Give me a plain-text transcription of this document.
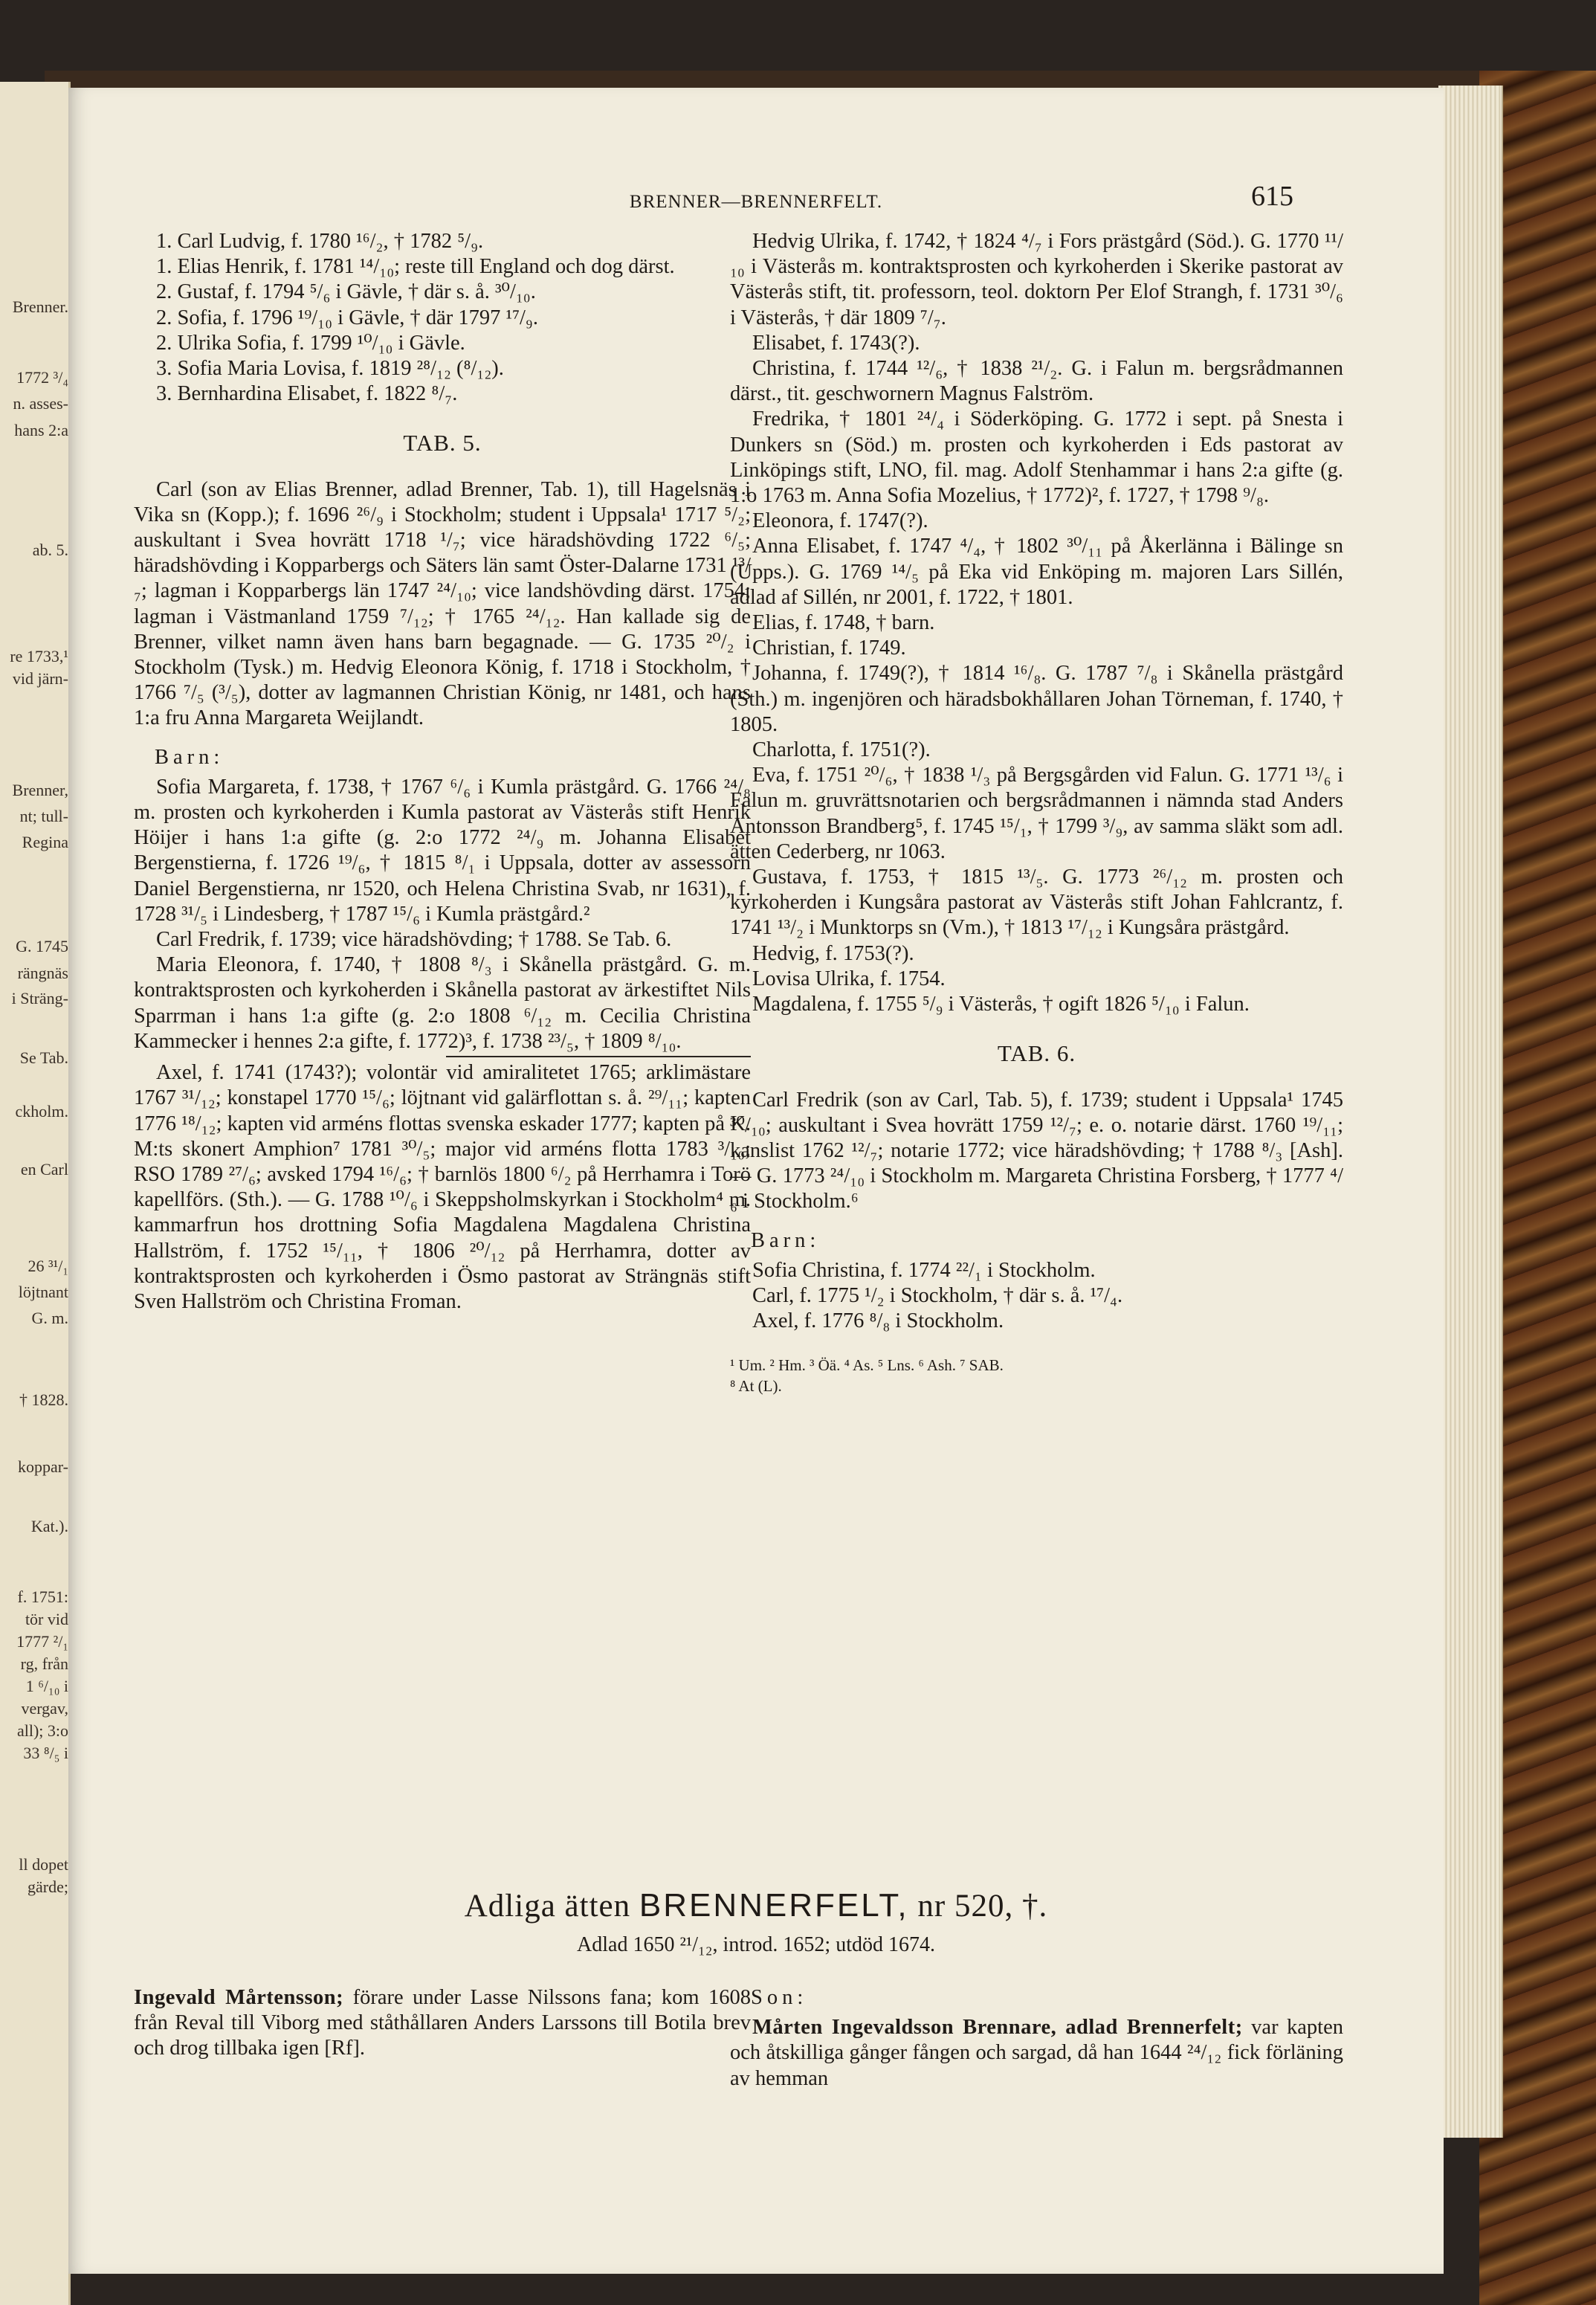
Brenner.
1772 ³/₄
n. asses-
hans 2:a
ab. 5.
re 1733,¹
vid järn-
Brenner,
nt; tull-
Regina
G. 1745
rängnäs
i Sträng-
Se Tab.
ckholm.
en Carl
26 ³¹/₁
löjtnant
G. m.
† 1828.
koppar-
Kat.).
f. 1751:
tör vid
1777 ²/₁
rg, från
1 ⁶/₁₀ i
vergav,
all); 3:o
33 ⁸/₅ i
ll dopet
gärde;
BRENNER—BRENNERFELT.	615

1. Carl Ludvig, f. 1780 ¹⁶/₂, † 1782 ⁵/₉.

1. Elias Henrik, f. 1781 ¹⁴/₁₀; reste till England och dog därst.

2. Gustaf, f. 1794 ⁵/₆ i Gävle, † där s. å. ³⁰/₁₀.

2. Sofia, f. 1796 ¹⁹/₁₀ i Gävle, † där 1797 ¹⁷/₉.

2. Ulrika Sofia, f. 1799 ¹⁰/₁₀ i Gävle.

3. Sofia Maria Lovisa, f. 1819 ²⁸/₁₂ (⁸/₁₂).

3. Bernhardina Elisabet, f. 1822 ⁸/₇.

TAB. 5.

Carl (son av Elias Brenner, adlad Brenner, Tab. 1), till Hagelsnäs i Vika sn (Kopp.); f. 1696 ²⁶/₉ i Stockholm; student i Uppsala¹ 1717 ⁵/₂; auskultant i Svea hovrätt 1718 ¹/₇; vice häradshövding 1722 ⁶/₅; häradshövding i Kopparbergs och Säters län samt Öster-Dalarne 1731 ¹³/₇; lagman i Kopparbergs län 1747 ²⁴/₁₀; vice landshövding därst. 1754; lagman i Västmanland 1759 ⁷/₁₂; † 1765 ²⁴/₁₂. Han kallade sig de Brenner, vilket namn även hans barn begagnade. — G. 1735 ²⁰/₂ i Stockholm (Tysk.) m. Hedvig Eleonora König, f. 1718 i Stockholm, † 1766 ⁷/₅ (³/₅), dotter av lagmannen Christian König, nr 1481, och hans 1:a fru Anna Margareta Weijlandt.

Barn:

Sofia Margareta, f. 1738, † 1767 ⁶/₆ i Kumla prästgård. G. 1766 ²⁴/₈ m. prosten och kyrkoherden i Kumla pastorat av Västerås stift Henrik Höijer i hans 1:a gifte (g. 2:o 1772 ²⁴/₉ m. Johanna Elisabet Bergenstierna, f. 1726 ¹⁹/₆, † 1815 ⁸/₁ i Uppsala, dotter av assessorn Daniel Bergenstierna, nr 1520, och Helena Christina Svab, nr 1631), f. 1728 ³¹/₅ i Lindesberg, † 1787 ¹⁵/₆ i Kumla prästgård.²

Carl Fredrik, f. 1739; vice häradshövding; † 1788. Se Tab. 6.

Maria Eleonora, f. 1740, † 1808 ⁸/₃ i Skånella prästgård. G. m. kontraktsprosten och kyrkoherden i Skånella pastorat av ärkestiftet Nils Sparrman i hans 1:a gifte (g. 2:o 1808 ⁶/₁₂ m. Cecilia Christina Kammecker i hennes 2:a gifte, f. 1772)³, f. 1738 ²³/₅, † 1809 ⁸/₁₀.

Axel, f. 1741 (1743?); volontär vid amiralitetet 1765; arklimästare 1767 ³¹/₁₂; konstapel 1770 ¹⁵/₆; löjtnant vid galärflottan s. å. ²⁹/₁₁; kapten 1776 ¹⁸/₁₂; kapten vid arméns flottas svenska eskader 1777; kapten på K. M:ts skonert Amphion⁷ 1781 ³⁰/₅; major vid arméns flotta 1783 ³/₁₀; RSO 1789 ²⁷/₆; avsked 1794 ¹⁶/₆; † barnlös 1800 ⁶/₂ på Herrhamra i Torö kapellförs. (Sth.). — G. 1788 ¹⁰/₆ i Skeppsholmskyrkan i Stockholm⁴ m. kammarfrun hos drottning Sofia Magdalena Magdalena Christina Hallström, f. 1752 ¹⁵/₁₁, † 1806 ²⁰/₁₂ på Herrhamra, dotter av kontraktsprosten och kyrkoherden i Ösmo pastorat av Strängnäs stift Sven Hallström och Christina Froman.

Hedvig Ulrika, f. 1742, † 1824 ⁴/₇ i Fors prästgård (Söd.). G. 1770 ¹¹/₁₀ i Västerås m. kontraktsprosten och kyrkoherden i Skerike pastorat av Västerås stift, tit. professorn, teol. doktorn Per Elof Strangh, f. 1731 ³⁰/₆ i Västerås, † där 1809 ⁷/₇.

Elisabet, f. 1743(?).

Christina, f. 1744 ¹²/₆, † 1838 ²¹/₂. G. i Falun m. bergsrådmannen därst., tit. geschwornern Magnus Falström.

Fredrika, † 1801 ²⁴/₄ i Söderköping. G. 1772 i sept. på Snesta i Dunkers sn (Söd.) m. prosten och kyrkoherden i Eds pastorat av Linköpings stift, LNO, fil. mag. Adolf Stenhammar i hans 2:a gifte (g. 1:o 1763 m. Anna Sofia Mozelius, † 1772)², f. 1727, † 1798 ⁹/₈.

Eleonora, f. 1747(?).

Anna Elisabet, f. 1747 ⁴/₄, † 1802 ³⁰/₁₁ på Åkerlänna i Bälinge sn (Upps.). G. 1769 ¹⁴/₅ på Eka vid Enköping m. majoren Lars Sillén, adlad af Sillén, nr 2001, f. 1722, † 1801.

Elias, f. 1748, † barn.

Christian, f. 1749.

Johanna, f. 1749(?), † 1814 ¹⁶/₈. G. 1787 ⁷/₈ i Skånella prästgård (Sth.) m. ingenjören och häradsbokhållaren Johan Törneman, f. 1740, † 1805.

Charlotta, f. 1751(?).

Eva, f. 1751 ²⁰/₆, † 1838 ¹/₃ på Bergsgården vid Falun. G. 1771 ¹³/₆ i Falun m. gruvrättsnotarien och bergsrådmannen i nämnda stad Anders Antonsson Brandberg⁵, f. 1745 ¹⁵/₁, † 1799 ³/₉, av samma släkt som adl. ätten Cederberg, nr 1063.

Gustava, f. 1753, † 1815 ¹³/₅. G. 1773 ²⁶/₁₂ m. prosten och kyrkoherden i Kungsåra pastorat av Västerås stift Johan Fahlcrantz, f. 1741 ¹³/₂ i Munktorps sn (Vm.), † 1813 ¹⁷/₁₂ i Kungsåra prästgård.

Hedvig, f. 1753(?).

Lovisa Ulrika, f. 1754.

Magdalena, f. 1755 ⁵/₉ i Västerås, † ogift 1826 ⁵/₁₀ i Falun.

TAB. 6.

Carl Fredrik (son av Carl, Tab. 5), f. 1739; student i Uppsala¹ 1745 ³⁰/₁₀; auskultant i Svea hovrätt 1759 ¹²/₇; e. o. notarie därst. 1760 ¹⁹/₁₁; kanslist 1762 ¹²/₇; notarie 1772; vice häradshövding; † 1788 ⁸/₃ [Ash]. — G. 1773 ²⁴/₁₀ i Stockholm m. Margareta Christina Forsberg, † 1777 ⁴/₆ i Stockholm.⁶

Barn:

Sofia Christina, f. 1774 ²²/₁ i Stockholm.

Carl, f. 1775 ¹/₂ i Stockholm, † där s. å. ¹⁷/₄.

Axel, f. 1776 ⁸/₈ i Stockholm.

¹ Um. ² Hm. ³ Öä. ⁴ As. ⁵ Lns. ⁶ Ash. ⁷ SAB.
⁸ At (L).
Adliga ätten BRENNERFELT, nr 520, †.
Adlad 1650 ²¹/₁₂, introd. 1652; utdöd 1674.

Ingevald Mårtensson; förare under Lasse Nilssons fana; kom 1608 från Reval till Viborg med ståthållaren Anders Larssons till Botila brev och drog tillbaka igen [Rf].

Son:

Mårten Ingevaldsson Brennare, adlad Brennerfelt; var kapten och åtskilliga gånger fången och sargad, då han 1644 ²⁴/₁₂ fick förläning av hemman
